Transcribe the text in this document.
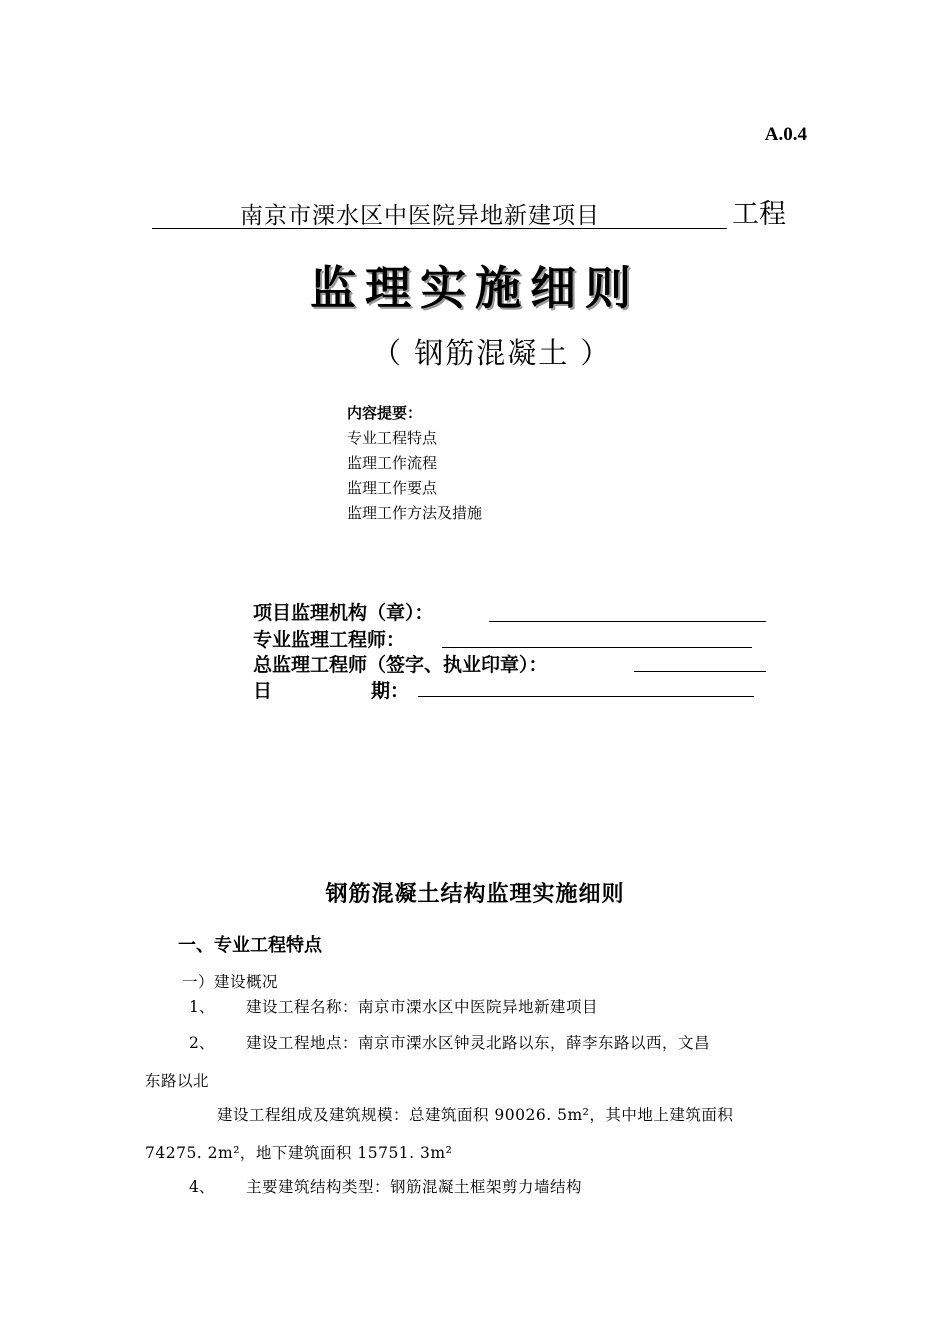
A.0.4
南京市溧水区中医院异地新建项目	工程
监理实施细则
（ 钢筋混凝土 ）
内容提要：
专业工程特点
监理工作流程
监理工作要点
监理工作方法及措施
项目监理机构（章）：
专业监理工程师：
总监理工程师（签字、执业印章）：
日	期：
钢筋混凝土结构监理实施细则
一、专业工程特点
一）建设概况
1、 建设工程名称：南京市溧水区中医院异地新建项目
2、 建设工程地点：南京市溧水区钟灵北路以东，薛李东路以西，文昌
东路以北
建设工程组成及建筑规模：总建筑面积 90026. 5m²，其中地上建筑面积
74275. 2m²，地下建筑面积 15751. 3m²
4、 主要建筑结构类型：钢筋混凝土框架剪力墙结构
